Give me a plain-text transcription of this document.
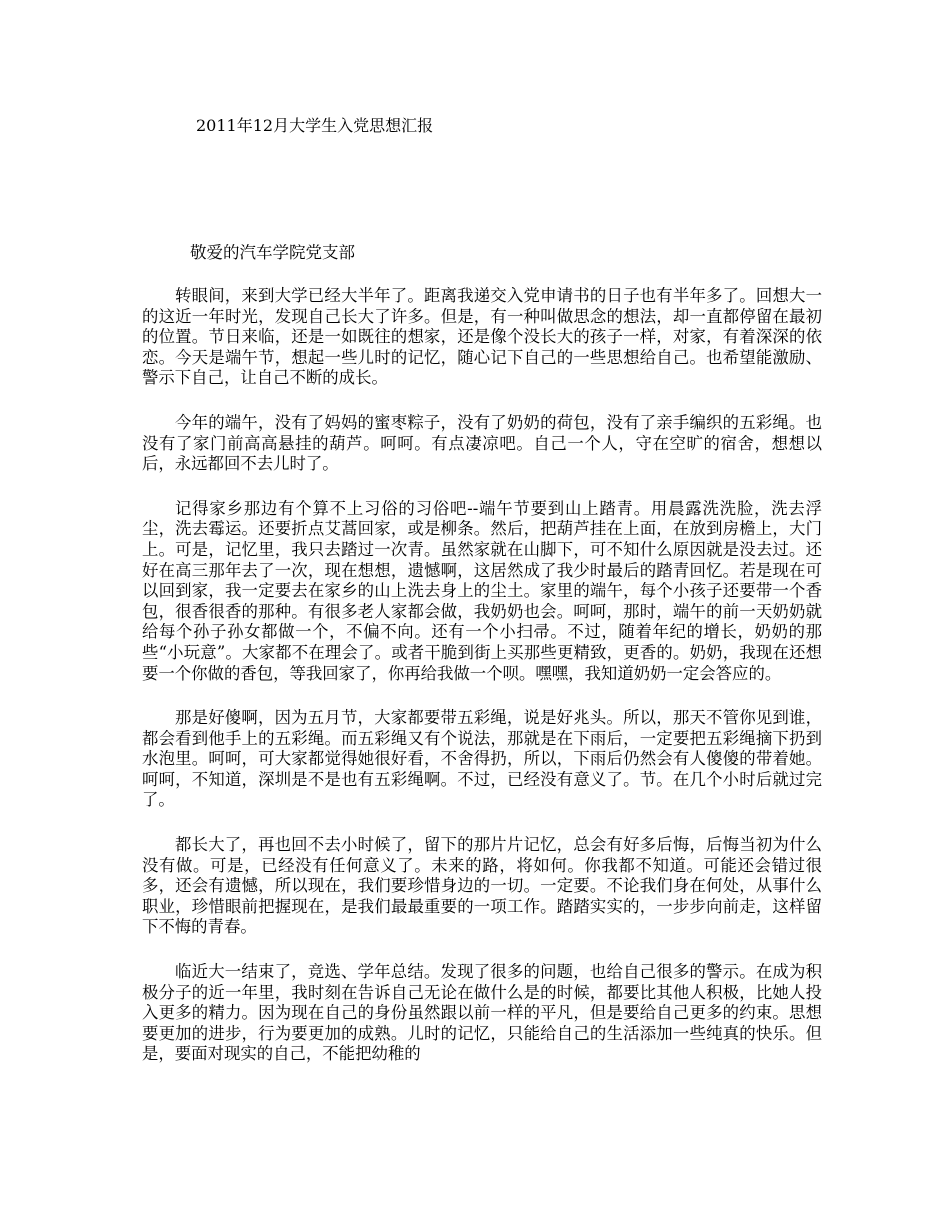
2011年12月大学生入党思想汇报

敬爱的汽车学院党支部

转眼间，来到大学已经大半年了。距离我递交入党申请书的日子也有半年多了。回想大一的这近一年时光，发现自己长大了许多。但是，有一种叫做思念的想法，却一直都停留在最初的位置。节日来临，还是一如既往的想家，还是像个没长大的孩子一样，对家，有着深深的依恋。今天是端午节，想起一些儿时的记忆，随心记下自己的一些思想给自己。也希望能激励、警示下自己，让自己不断的成长。

今年的端午，没有了妈妈的蜜枣粽子，没有了奶奶的荷包，没有了亲手编织的五彩绳。也没有了家门前高高悬挂的葫芦。呵呵。有点凄凉吧。自己一个人，守在空旷的宿舍，想想以后，永远都回不去儿时了。

记得家乡那边有个算不上习俗的习俗吧--端午节要到山上踏青。用晨露洗洗脸，洗去浮尘，洗去霉运。还要折点艾蒿回家，或是柳条。然后，把葫芦挂在上面，在放到房檐上，大门上。可是，记忆里，我只去踏过一次青。虽然家就在山脚下，可不知什么原因就是没去过。还好在高三那年去了一次，现在想想，遗憾啊，这居然成了我少时最后的踏青回忆。若是现在可以回到家，我一定要去在家乡的山上洗去身上的尘土。家里的端午，每个小孩子还要带一个香包，很香很香的那种。有很多老人家都会做，我奶奶也会。呵呵，那时，端午的前一天奶奶就给每个孙子孙女都做一个，不偏不向。还有一个小扫帚。不过，随着年纪的增长，奶奶的那些“小玩意”。大家都不在理会了。或者干脆到街上买那些更精致，更香的。奶奶，我现在还想要一个你做的香包，等我回家了，你再给我做一个呗。嘿嘿，我知道奶奶一定会答应的。

那是好傻啊，因为五月节，大家都要带五彩绳，说是好兆头。所以，那天不管你见到谁，都会看到他手上的五彩绳。而五彩绳又有个说法，那就是在下雨后，一定要把五彩绳摘下扔到水泡里。呵呵，可大家都觉得她很好看，不舍得扔，所以，下雨后仍然会有人傻傻的带着她。呵呵，不知道，深圳是不是也有五彩绳啊。不过，已经没有意义了。节。在几个小时后就过完了。

都长大了，再也回不去小时候了，留下的那片片记忆，总会有好多后悔，后悔当初为什么没有做。可是，已经没有任何意义了。未来的路，将如何。你我都不知道。可能还会错过很多，还会有遗憾，所以现在，我们要珍惜身边的一切。一定要。不论我们身在何处，从事什么职业，珍惜眼前把握现在，是我们最最重要的一项工作。踏踏实实的，一步步向前走，这样留下不悔的青春。

临近大一结束了，竞选、学年总结。发现了很多的问题，也给自己很多的警示。在成为积极分子的近一年里，我时刻在告诉自己无论在做什么是的时候，都要比其他人积极，比她人投入更多的精力。因为现在自己的身份虽然跟以前一样的平凡，但是要给自己更多的约束。思想要更加的进步，行为要更加的成熟。儿时的记忆，只能给自己的生活添加一些纯真的快乐。但是，要面对现实的自己，不能把幼稚的
